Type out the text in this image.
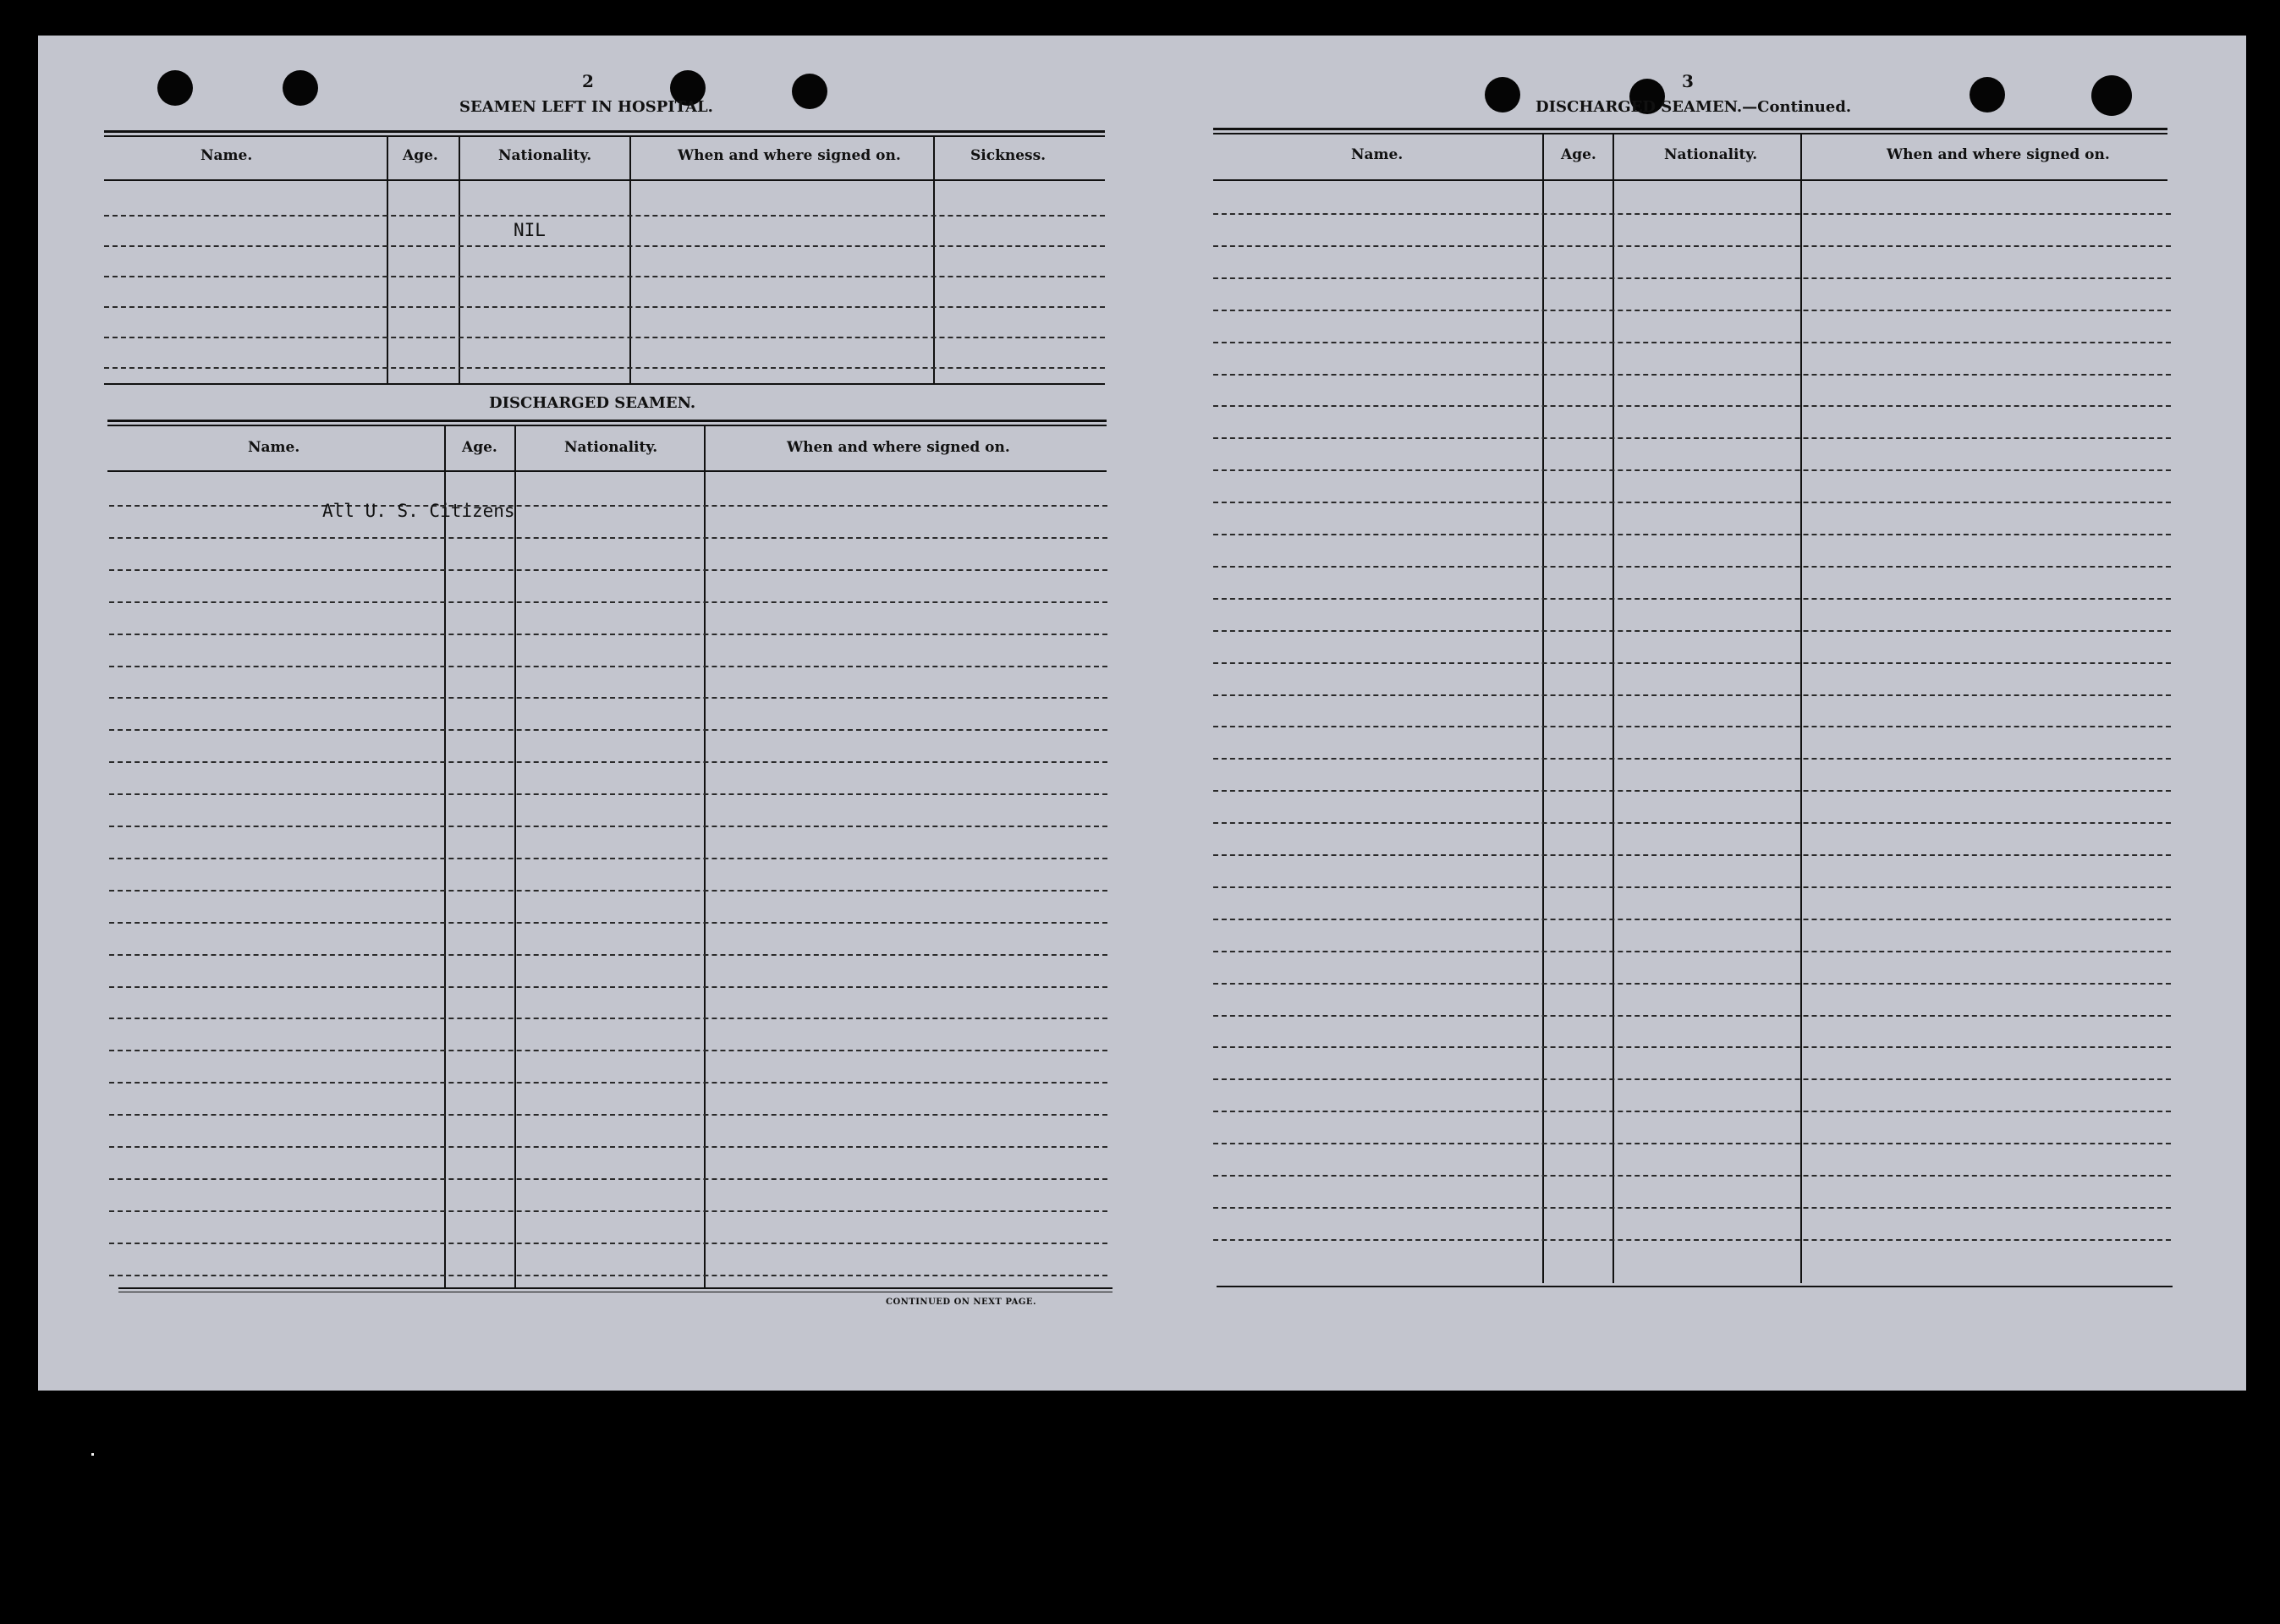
2
SEAMEN LEFT IN HOSPITAL.
Name.	Age.	Nationality.	When and where signed on.	Sickness.
NIL
DISCHARGED SEAMEN.
Name.	Age.	Nationality.	When and where signed on.
All U. S. Citizens
CONTINUED ON NEXT PAGE.
3
DISCHARGED SEAMEN.—Continued.
Name.	Age.	Nationality.	When and where signed on.
